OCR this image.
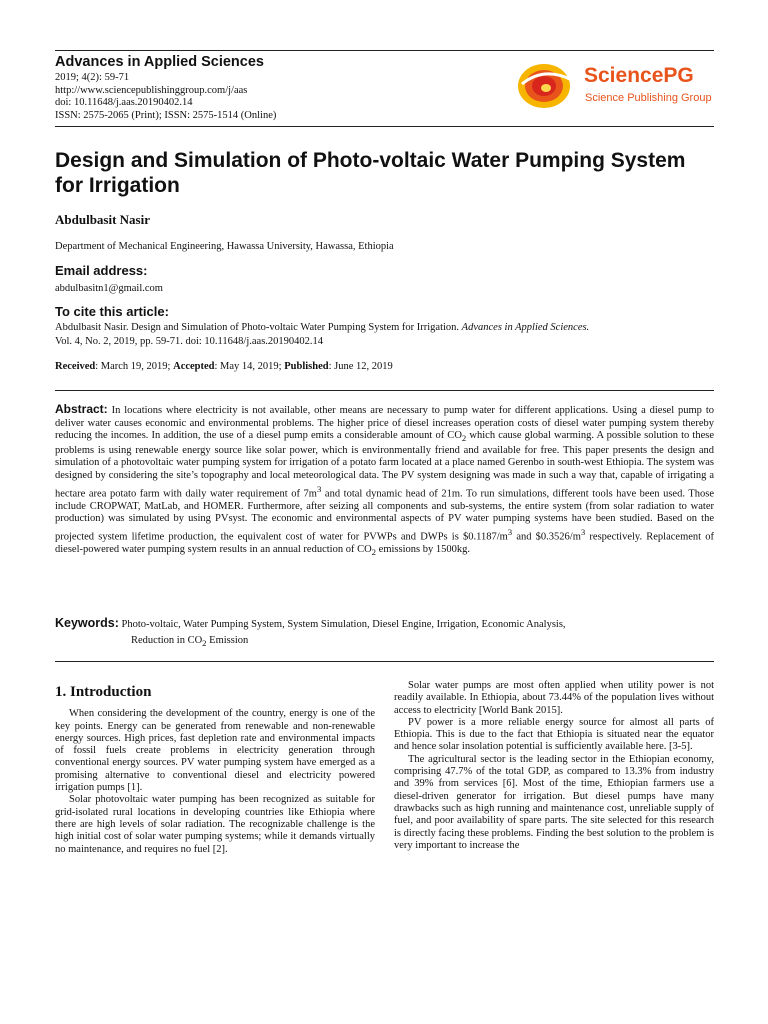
Advances in Applied Sciences
2019; 4(2): 59-71
http://www.sciencepublishinggroup.com/j/aas
doi: 10.11648/j.aas.20190402.14
ISSN: 2575-2065 (Print); ISSN: 2575-1514 (Online)
SciencePG
Science Publishing Group
Design and Simulation of Photo-voltaic Water Pumping System for Irrigation
Abdulbasit Nasir
Department of Mechanical Engineering, Hawassa University, Hawassa, Ethiopia
Email address:
abdulbasitn1@gmail.com
To cite this article:
Abdulbasit Nasir. Design and Simulation of Photo-voltaic Water Pumping System for Irrigation. Advances in Applied Sciences.
Vol. 4, No. 2, 2019, pp. 59-71. doi: 10.11648/j.aas.20190402.14
Received: March 19, 2019; Accepted: May 14, 2019; Published: June 12, 2019
Abstract: In locations where electricity is not available, other means are necessary to pump water for different applications. Using a diesel pump to deliver water causes economic and environmental problems. The higher price of diesel increases operation costs of diesel water pumping system thereby reducing the incomes. In addition, the use of a diesel pump emits a considerable amount of $CO_2$ which cause global warming. A possible solution to these problems is using renewable energy source like solar power, which is environmentally friend and available for free. This paper presents the design and simulation of a photovoltaic water pumping system for irrigation of a potato farm located at a place named Gerenbo in south-west Ethiopia. The system was designed by considering the site’s topography and local meteorological data. The PV system designing was made in such a way that, capable of irrigating a hectare area potato farm with daily water requirement of $7m^3$ and total dynamic head of 21m. To run simulations, different tools have been used. Those include CROPWAT, MatLab, and HOMER. Furthermore, after seizing all components and sub-systems, the entire system (from solar radiation to water production) was simulated by using PVsyst. The economic and environmental aspects of PV water pumping systems have been studied. Based on the projected system lifetime production, the equivalent cost of water for PVWPs and DWPs is $\$0.1187/m^3$ and $\$0.3526/m^3$ respectively. Replacement of diesel-powered water pumping system results in an annual reduction of $CO_2$ emissions by 1500kg.
Keywords: Photo-voltaic, Water Pumping System, System Simulation, Diesel Engine, Irrigation, Economic Analysis,
Reduction in $CO_2$ Emission
1. Introduction

When considering the development of the country, energy is one of the key points. Energy can be generated from renewable and non-renewable energy sources. High prices, fast depletion rate and environmental impacts of fossil fuels create problems in electricity generation through conventional energy sources. PV water pumping system have emerged as a promising alternative to conventional diesel and electricity powered irrigation pumps [1].

Solar photovoltaic water pumping has been recognized as suitable for grid-isolated rural locations in developing countries like Ethiopia where there are high levels of solar radiation. The recognizable challenge is the high initial cost of solar water pumping systems; while it demands virtually no maintenance, and requires no fuel [2].

Solar water pumps are most often applied when utility power is not readily available. In Ethiopia, about 73.44% of the population lives without access to electricity [World Bank 2015].

PV power is a more reliable energy source for almost all parts of Ethiopia. This is due to the fact that Ethiopia is situated near the equator and hence solar insolation potential is sufficiently available here. [3-5].

The agricultural sector is the leading sector in the Ethiopian economy, comprising 47.7% of the total GDP, as compared to 13.3% from industry and 39% from services [6]. Most of the time, Ethiopian farmers use a diesel-driven generator for irrigation. But diesel pumps have many drawbacks such as high running and maintenance cost, unreliable supply of fuel, and poor availability of spare parts. The site selected for this research is directly facing these problems. Finding the best solution to the problem is very important to increase the
